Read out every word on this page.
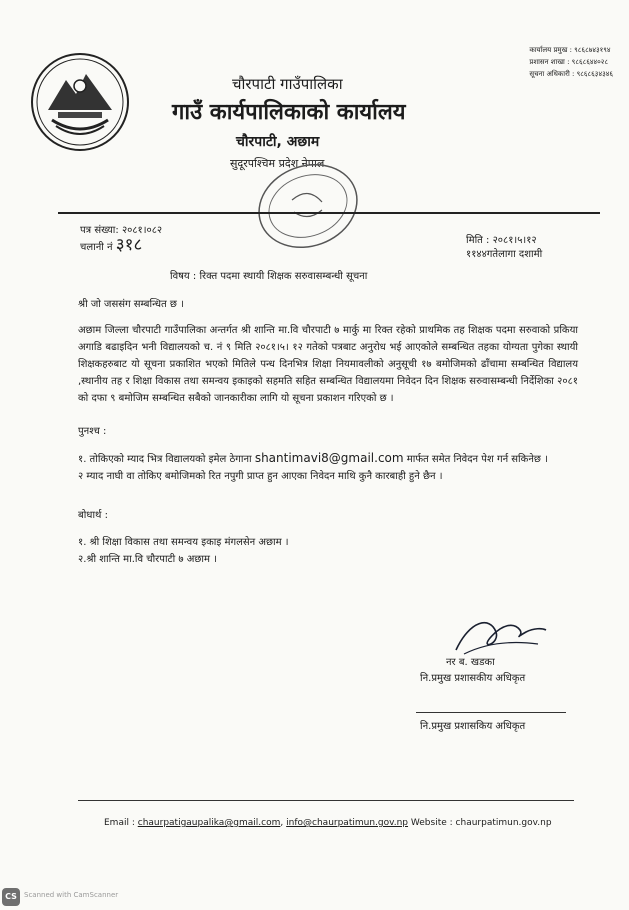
कार्यालय प्रमुख : ९८६८७४३१९४
प्रशासन शाखा : ९८६८६४४०२८
सूचना अधिकारी : ९८६८६३४३४६
चौरपाटी गाउँपालिका
गाउँ कार्यपालिकाको कार्यालय
चौरपाटी, अछाम
सुदूरपश्चिम प्रदेश नेपाल
पत्र संख्या: २०८१।०८२
चलानी नं ३१८	मिति : २०८१।५।१२
११४४गतेलागा दशामी
विषय : रिक्त पदमा स्थायी शिक्षक सरुवासम्बन्धी सूचना
श्री जो जससंग सम्बन्धित छ ।
अछाम जिल्ला चौरपाटी गाउँपालिका अन्तर्गत श्री शान्ति मा.वि चौरपाटी ७ मार्कु मा रिक्त रहेको प्राथमिक तह शिक्षक पदमा सरुवाको प्रकिया अगाडि बढाइदिन भनी विद्यालयको च. नं ९ मिति २०८१।५। १२ गतेको पत्रबाट अनुरोध भई आएकोले सम्बन्धित तहका योग्यता पुगेका स्थायी शिक्षकहरुबाट यो सूचना प्रकाशित भएको मितिले पन्ध दिनभित्र शिक्षा नियमावलीको अनुसूची १७ बमोजिमको ढाँचामा सम्बन्धित विद्यालय ,स्थानीय तह र शिक्षा विकास तथा समन्वय इकाइको सहमति सहित सम्बन्धित विद्यालयमा निवेदन दिन शिक्षक सरुवासम्बन्धी निर्देशिका २०८१ को दफा ९ बमोजिम सम्बन्धित सबैको जानकारीका लागि यो सूचना प्रकाशन गरिएको छ ।
पुनश्च :
१. तोकिएको म्याद भित्र विद्यालयको इमेल ठेगाना shantimavi8@gmail.com मार्फत समेत निवेदन पेश गर्न सकिनेछ ।
२ म्याद नाघी वा तोकिए बमोजिमको रित नपुगी प्राप्त हुन आएका निवेदन माथि कुनै कारबाही हुने छैन ।
बोधार्थ :
१. श्री शिक्षा विकास तथा समन्वय इकाइ मंगलसेन अछाम ।
२.श्री शान्ति मा.वि चौरपाटी ७ अछाम ।
नर ब. खडका
नि.प्रमुख प्रशासकीय अधिकृत
नि.प्रमुख प्रशासकिय अधिकृत
Email : chaurpatigaupalika@gmail.com, info@chaurpatimun.gov.np Website : chaurpatimun.gov.np
CS	Scanned with CamScanner
